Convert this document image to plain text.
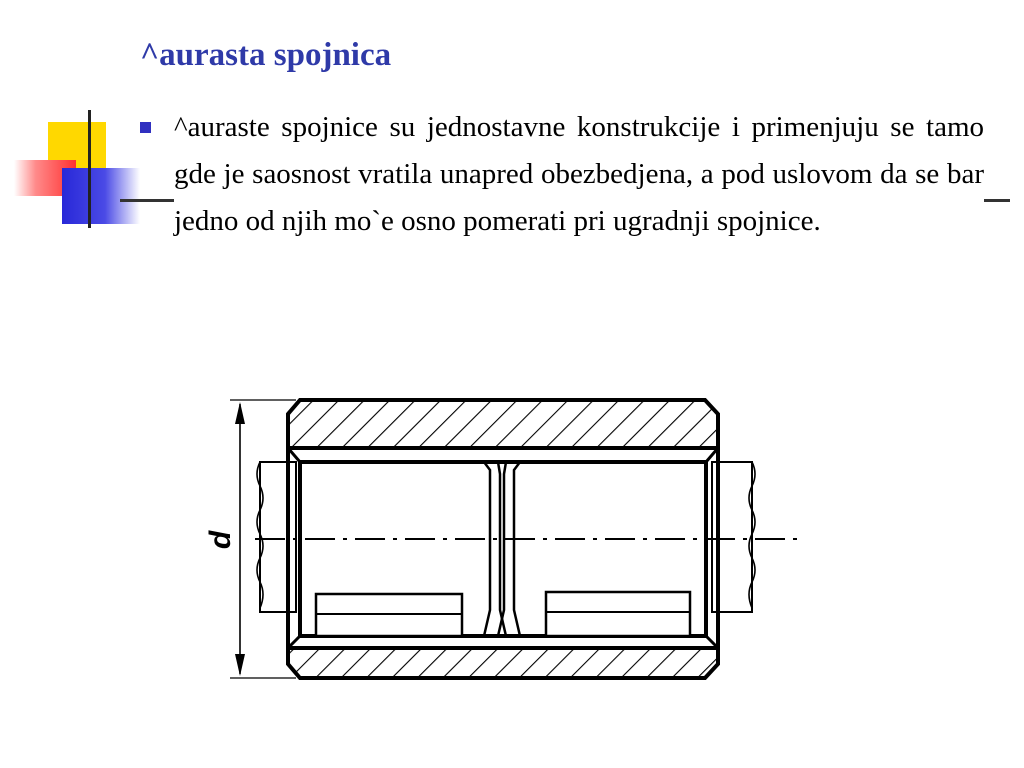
^aurasta spojnica

^auraste spojnice su jednostavne konstrukcije i primenjuju se tamo gde je saosnost vratila unapred obezbedjena, a pod uslovom da se bar jedno od njih mo`e osno pomerati pri ugradnji spojnice.

d
